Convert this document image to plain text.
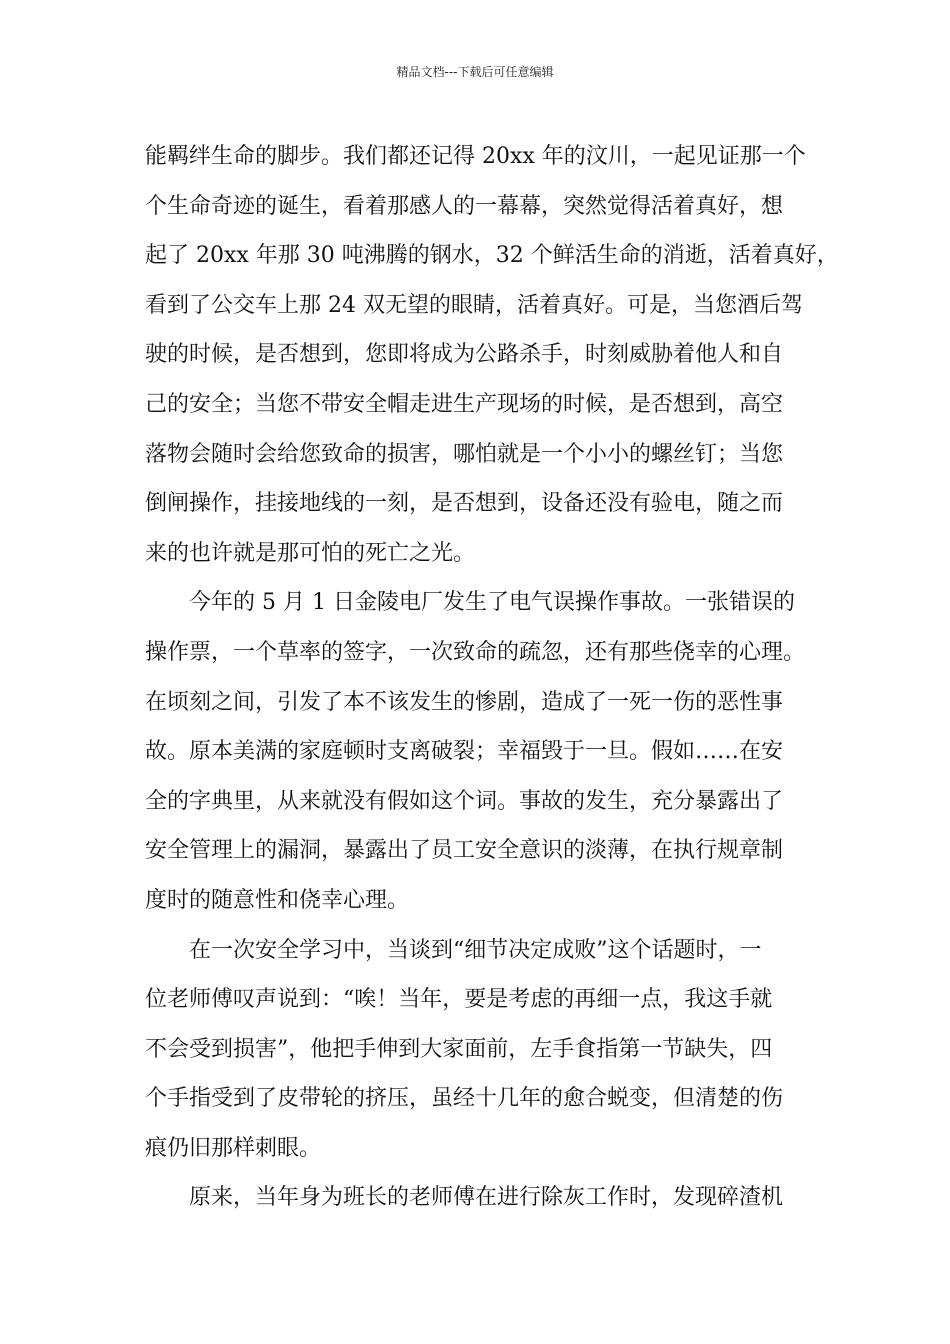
精品文档---下载后可任意编辑
能羁绊生命的脚步。我们都还记得 20xx 年的汶川，一起见证那一个
个生命奇迹的诞生，看着那感人的一幕幕，突然觉得活着真好，想
起了 20xx 年那 30 吨沸腾的钢水，32 个鲜活生命的消逝，活着真好，
看到了公交车上那 24 双无望的眼睛，活着真好。可是，当您酒后驾
驶的时候，是否想到，您即将成为公路杀手，时刻威胁着他人和自
己的安全；当您不带安全帽走进生产现场的时候，是否想到，高空
落物会随时会给您致命的损害，哪怕就是一个小小的螺丝钉；当您
倒闸操作，挂接地线的一刻，是否想到，设备还没有验电，随之而
来的也许就是那可怕的死亡之光。
今年的 5 月 1 日金陵电厂发生了电气误操作事故。一张错误的
操作票，一个草率的签字，一次致命的疏忽，还有那些侥幸的心理。
在顷刻之间，引发了本不该发生的惨剧，造成了一死一伤的恶性事
故。原本美满的家庭顿时支离破裂；幸福毁于一旦。假如……在安
全的字典里，从来就没有假如这个词。事故的发生，充分暴露出了
安全管理上的漏洞，暴露出了员工安全意识的淡薄，在执行规章制
度时的随意性和侥幸心理。
在一次安全学习中，当谈到“细节决定成败”这个话题时，一
位老师傅叹声说到：“唉！当年，要是考虑的再细一点，我这手就
不会受到损害”，他把手伸到大家面前，左手食指第一节缺失，四
个手指受到了皮带轮的挤压，虽经十几年的愈合蜕变，但清楚的伤
痕仍旧那样刺眼。
原来，当年身为班长的老师傅在进行除灰工作时，发现碎渣机
